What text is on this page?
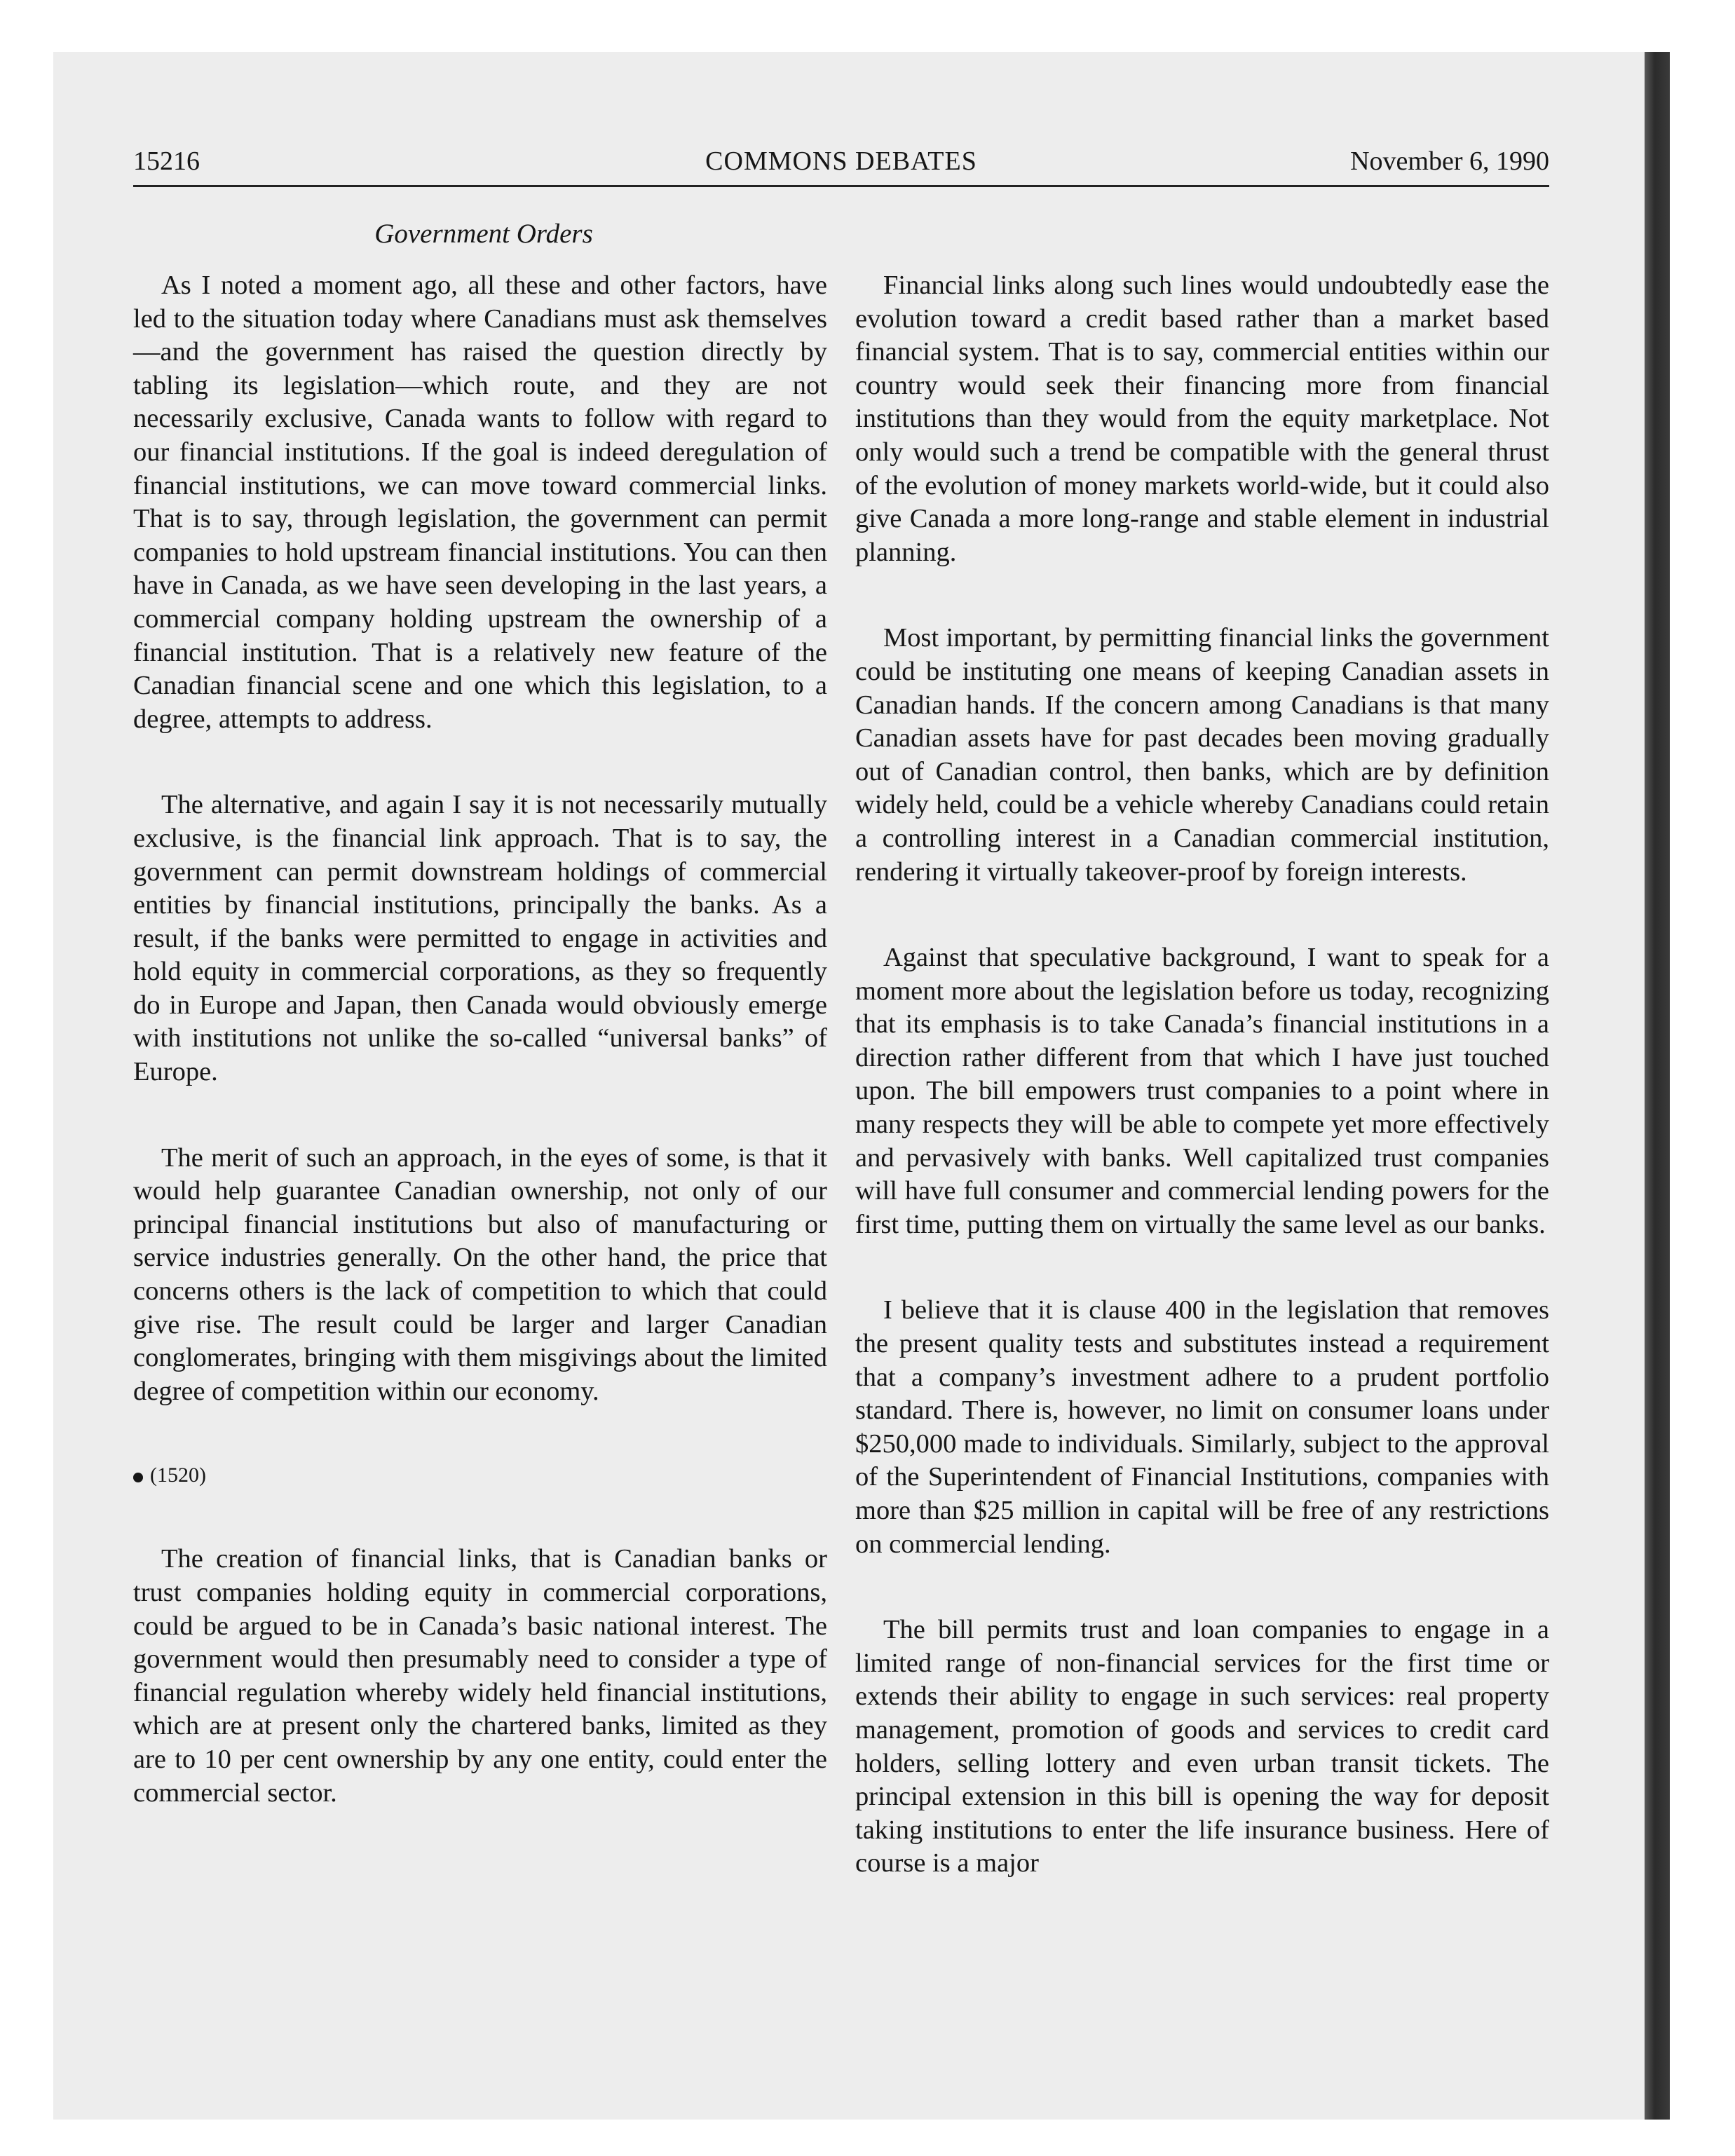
15216	COMMONS DEBATES	November 6, 1990
Government Orders

As I noted a moment ago, all these and other factors, have led to the situation today where Canadians must ask themselves—and the government has raised the question directly by tabling its legislation—which route, and they are not necessarily exclusive, Canada wants to follow with regard to our financial institutions. If the goal is indeed deregulation of financial institutions, we can move toward commercial links. That is to say, through legislation, the government can permit companies to hold upstream financial institutions. You can then have in Canada, as we have seen developing in the last years, a commercial company holding upstream the ownership of a financial institution. That is a relatively new feature of the Canadian financial scene and one which this legislation, to a degree, attempts to address.

The alternative, and again I say it is not necessarily mutually exclusive, is the financial link approach. That is to say, the government can permit downstream holdings of commercial entities by financial institutions, principally the banks. As a result, if the banks were permitted to engage in activities and hold equity in commercial corporations, as they so frequently do in Europe and Japan, then Canada would obviously emerge with institutions not unlike the so-called “universal banks” of Europe.

The merit of such an approach, in the eyes of some, is that it would help guarantee Canadian ownership, not only of our principal financial institutions but also of manufacturing or service industries generally. On the other hand, the price that concerns others is the lack of competition to which that could give rise. The result could be larger and larger Canadian conglomerates, bringing with them misgivings about the limited degree of competition within our economy.

(1520)

The creation of financial links, that is Canadian banks or trust companies holding equity in commercial corporations, could be argued to be in Canada’s basic national interest. The government would then presumably need to consider a type of financial regulation whereby widely held financial institutions, which are at present only the chartered banks, limited as they are to 10 per cent ownership by any one entity, could enter the commercial sector.

Financial links along such lines would undoubtedly ease the evolution toward a credit based rather than a market based financial system. That is to say, commercial entities within our country would seek their financing more from financial institutions than they would from the equity marketplace. Not only would such a trend be compatible with the general thrust of the evolution of money markets world-wide, but it could also give Canada a more long-range and stable element in industrial planning.

Most important, by permitting financial links the government could be instituting one means of keeping Canadian assets in Canadian hands. If the concern among Canadians is that many Canadian assets have for past decades been moving gradually out of Canadian control, then banks, which are by definition widely held, could be a vehicle whereby Canadians could retain a controlling interest in a Canadian commercial institution, rendering it virtually takeover-proof by foreign interests.

Against that speculative background, I want to speak for a moment more about the legislation before us today, recognizing that its emphasis is to take Canada’s financial institutions in a direction rather different from that which I have just touched upon. The bill empowers trust companies to a point where in many respects they will be able to compete yet more effectively and pervasively with banks. Well capitalized trust companies will have full consumer and commercial lending powers for the first time, putting them on virtually the same level as our banks.

I believe that it is clause 400 in the legislation that removes the present quality tests and substitutes instead a requirement that a company’s investment adhere to a prudent portfolio standard. There is, however, no limit on consumer loans under $250,000 made to individuals. Similarly, subject to the approval of the Superintendent of Financial Institutions, companies with more than $25 million in capital will be free of any restrictions on commercial lending.

The bill permits trust and loan companies to engage in a limited range of non-financial services for the first time or extends their ability to engage in such services: real property management, promotion of goods and services to credit card holders, selling lottery and even urban transit tickets. The principal extension in this bill is opening the way for deposit taking institutions to enter the life insurance business. Here of course is a major
